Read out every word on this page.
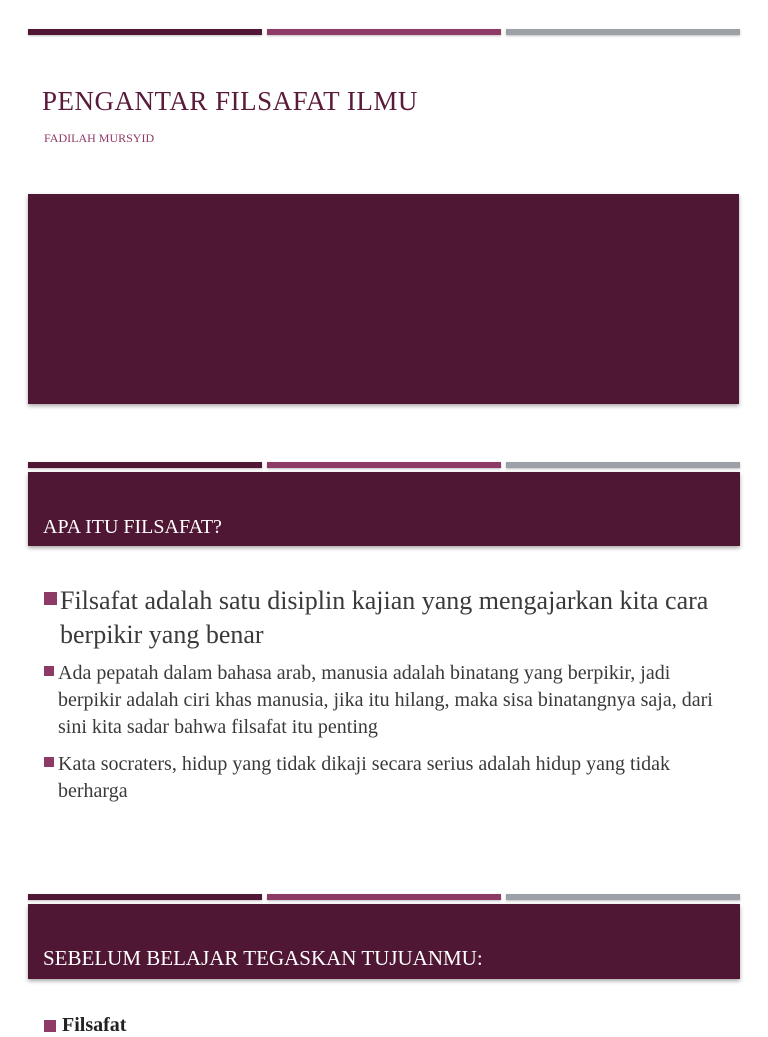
PENGANTAR FILSAFAT ILMU
FADILAH MURSYID
APA ITU FILSAFAT?
Filsafat adalah satu disiplin kajian yang mengajarkan kita cara berpikir yang benar
Ada pepatah dalam bahasa arab, manusia adalah binatang yang berpikir, jadi berpikir adalah ciri khas manusia, jika itu hilang, maka sisa binatangnya saja, dari sini kita sadar bahwa filsafat itu penting
Kata socraters, hidup yang tidak dikaji secara serius adalah hidup yang tidak berharga
SEBELUM BELAJAR TEGASKAN TUJUANMU:
Filsafat
